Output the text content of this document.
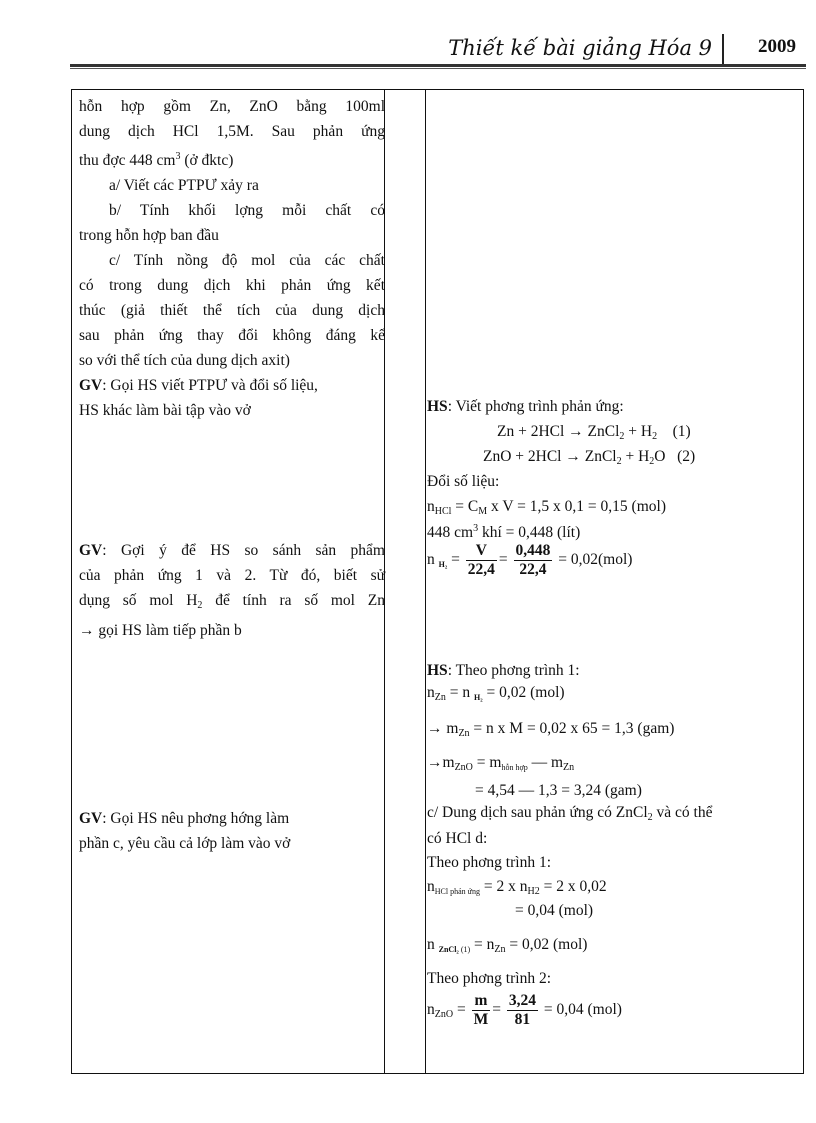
Thiết kế bài giảng Hóa 9 2009
hỗn hợp gồm Zn, ZnO bằng 100ml
dung dịch HCl 1,5M. Sau phản ứng
thu đợc 448 $cm^3$ (ở đktc)
a/ Viết các PTPƯ xảy ra
b/ Tính khối lợng mỗi chất có
trong hỗn hợp ban đầu
c/ Tính nồng độ mol của các chất
có trong dung dịch khi phản ứng kết
thúc (giả thiết thể tích của dung dịch
sau phản ứng thay đổi không đáng kể
so với thể tích của dung dịch axit)
GV: Gọi HS viết PTPƯ và đổi số liệu,
HS khác làm bài tập vào vở
GV: Gợi ý để HS so sánh sản phẩm
của phản ứng 1 và 2. Từ đó, biết sử
dụng số mol $H_2$ để tính ra số mol Zn
→ gọi HS làm tiếp phần b
GV: Gọi HS nêu phơng hớng làm
phần c, yêu cầu cả lớp làm vào vở
HS: Viết phơng trình phản ứng:
Zn + 2HCl → ZnCl$_2$ + $H_2$ (1)
ZnO + 2HCl → ZnCl$_2$ + $H_2O$ (2)
Đổi số liệu:
$n_{HCl} = C_M$ x V = 1,5 x 0,1 = 0,15 (mol)
448 $cm^3$ khí = 0,448 (lít)
n $H_2 = \frac{V}{22,4} = \frac{0,448}{22,4} = 0,02(mol)$
HS: Theo phơng trình 1:
$n_{Zn} = n$ H₂ = 0,02 (mol)
→ $m_{Zn} = n$ x M = 0,02 x 65 = 1,3 (gam)
$\to m_{ZnO}$ = mhỗn hợp — $m_{Zn}$
= 4,54 — 1,3 = 3,24 (gam)
c/ Dung dịch sau phản ứng có ZnCl$_2$ và có thể
có HCl d:
Theo phơng trình 1:
nHCl phản ứng = 2 x $n_{H2} = 2$ x 0,02
= 0,04 (mol)
n ZnCl₂ $(1) = n_{Zn} = 0,02$ (mol)
Theo phơng trình 2:
$n_{ZnO} = \frac{m}{M} = \frac{3,24}{81} = 0,04$ (mol)
